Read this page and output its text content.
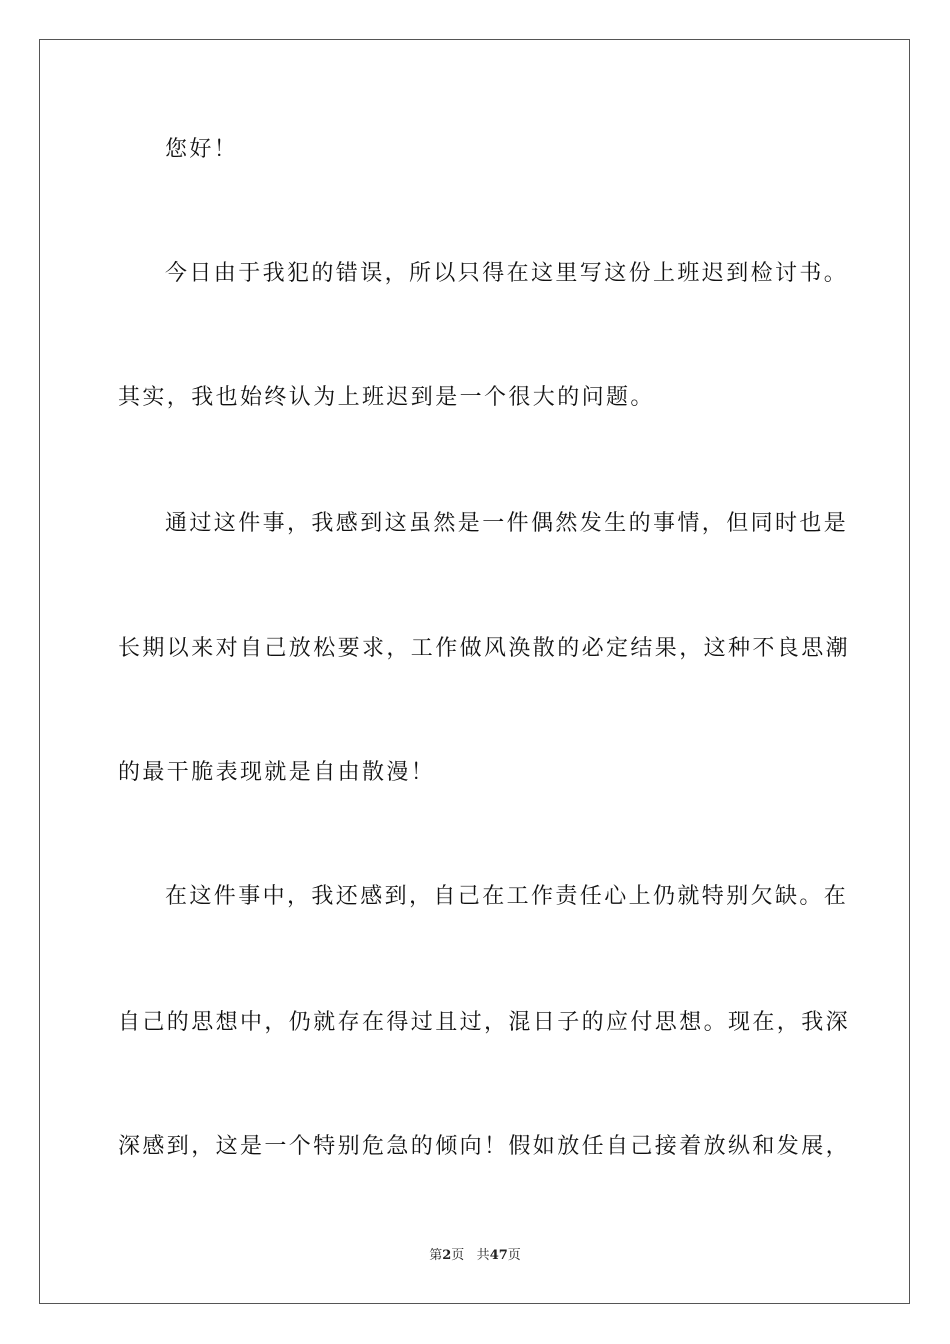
您好！
今日由于我犯的错误，所以只得在这里写这份上班迟到检讨书。
其实，我也始终认为上班迟到是一个很大的问题。
通过这件事，我感到这虽然是一件偶然发生的事情，但同时也是
长期以来对自己放松要求，工作做风涣散的必定结果，这种不良思潮
的最干脆表现就是自由散漫！
在这件事中，我还感到，自己在工作责任心上仍就特别欠缺。在
自己的思想中，仍就存在得过且过，混日子的应付思想。现在，我深
深感到，这是一个特别危急的倾向！假如放任自己接着放纵和发展，
第2页 共47页
